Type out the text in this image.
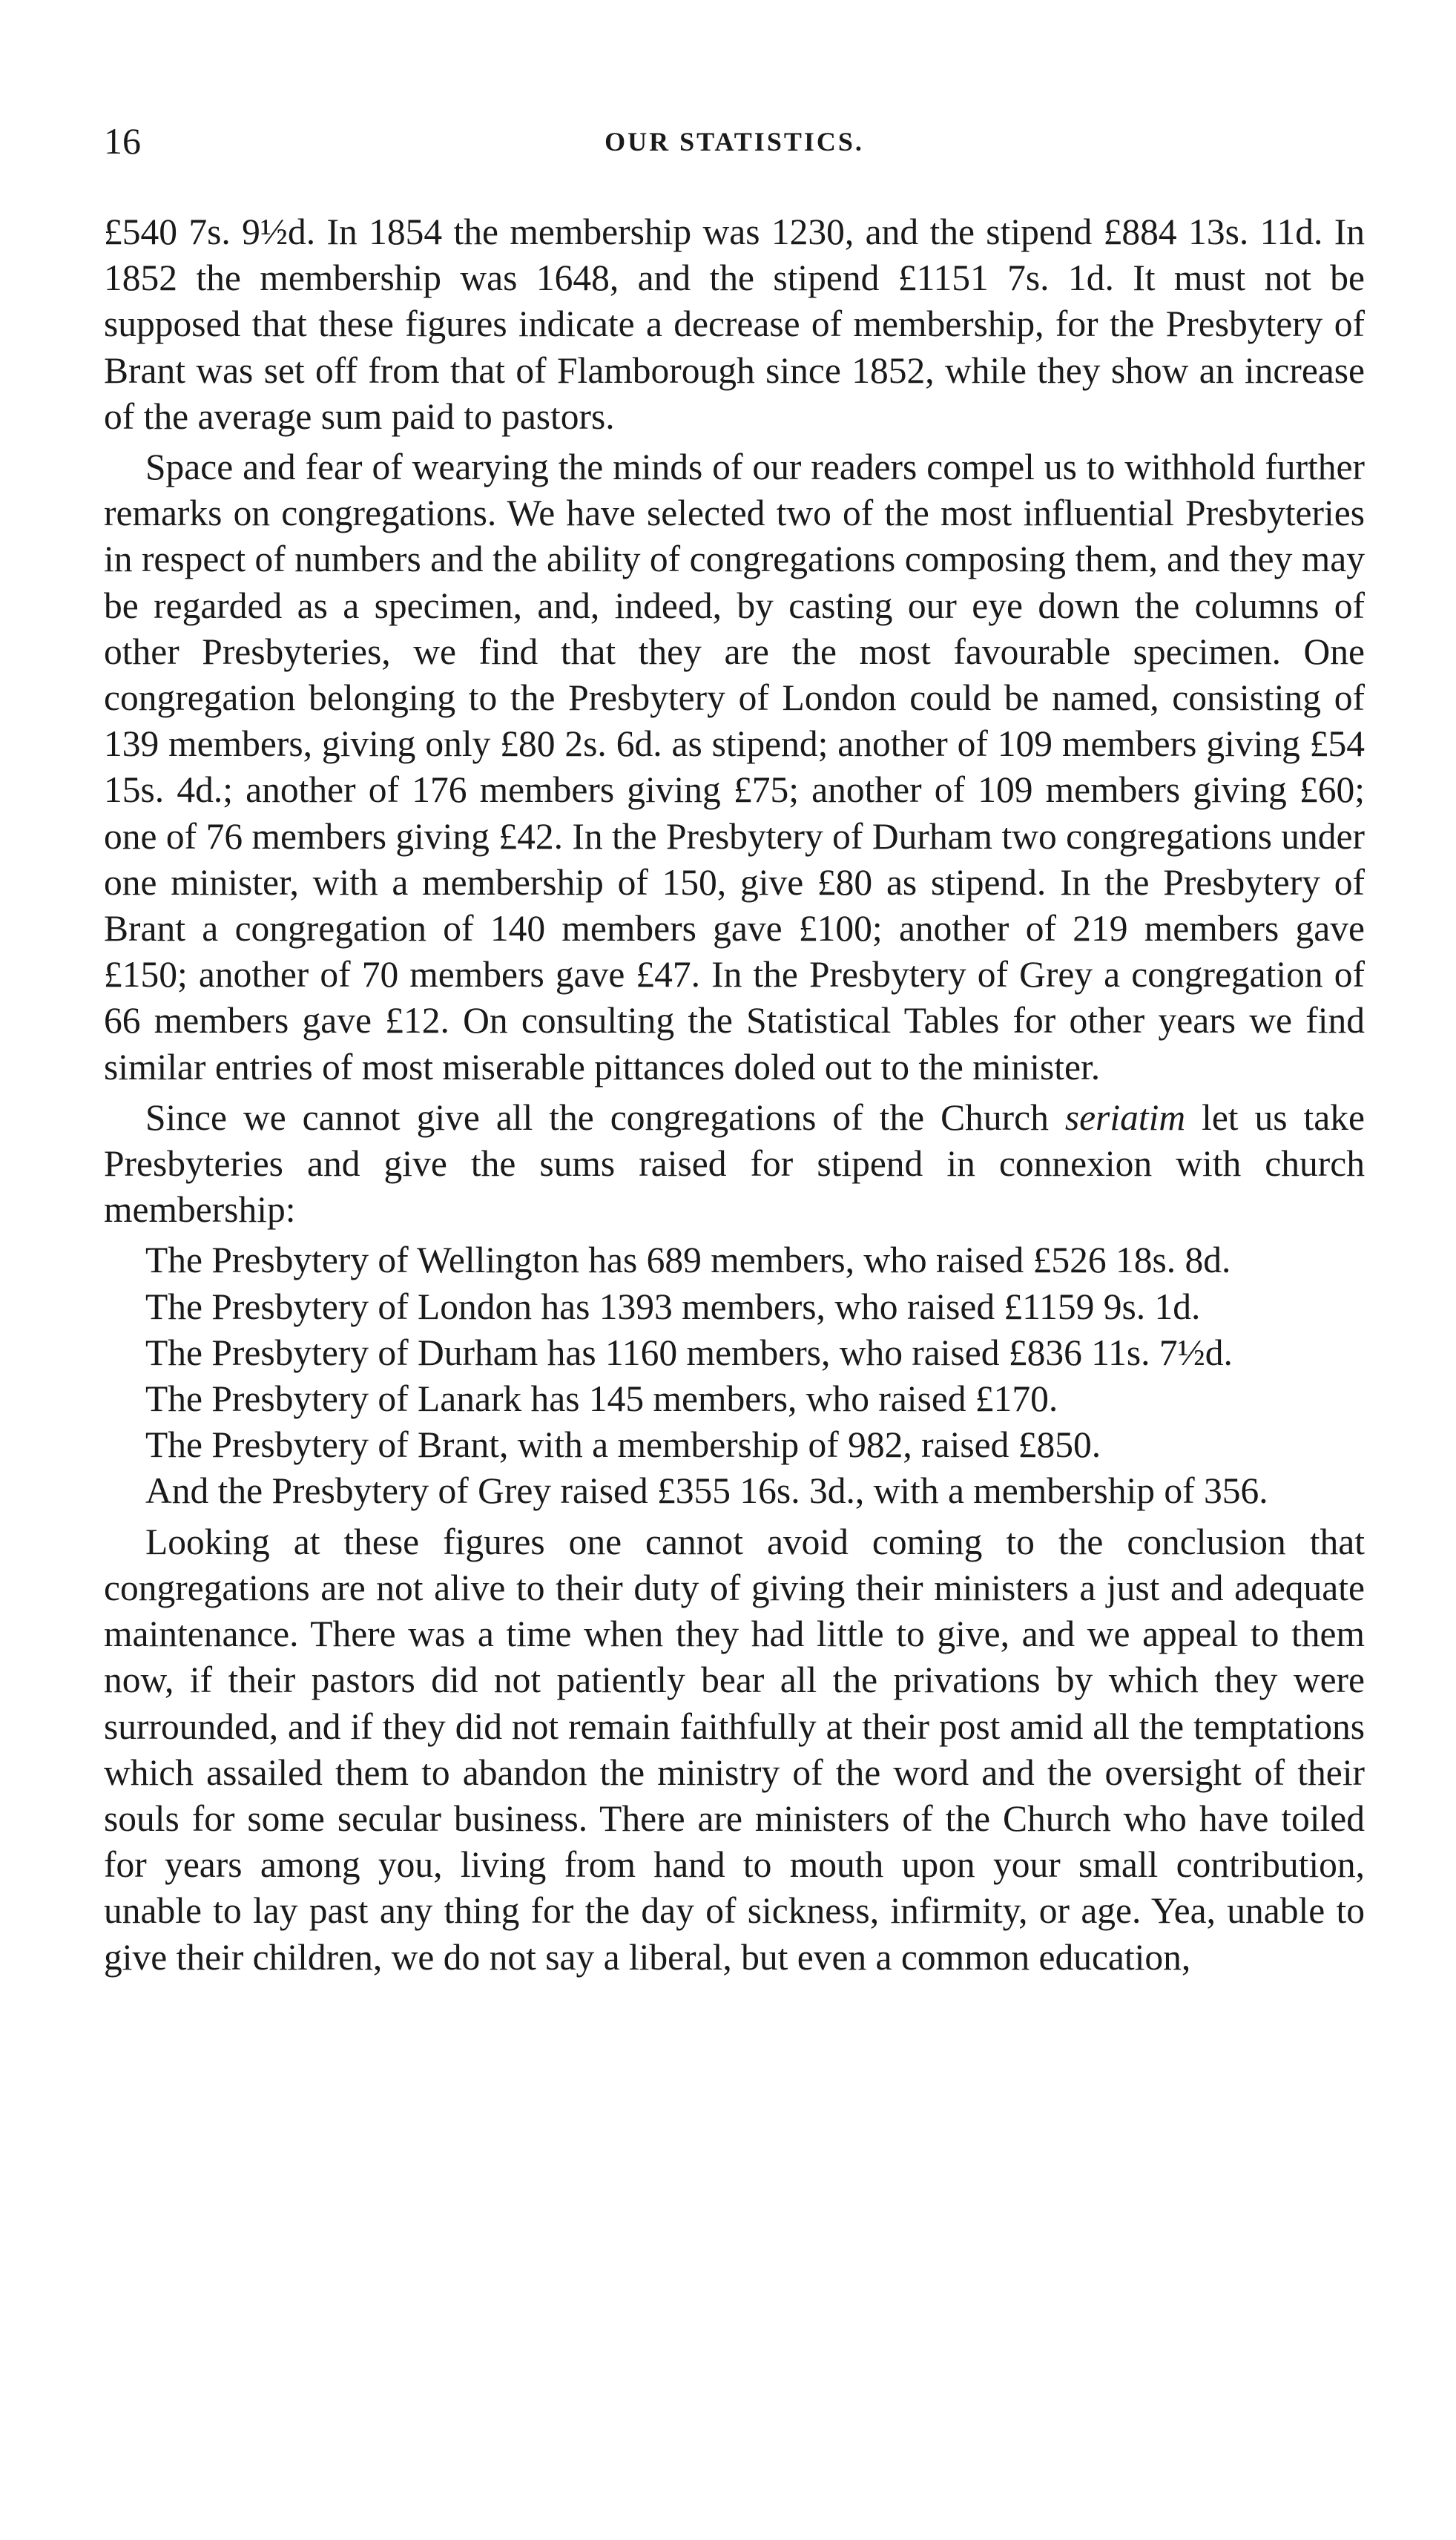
16	OUR STATISTICS.

£540 7s. 9½d. In 1854 the membership was 1230, and the stipend £884 13s. 11d. In 1852 the membership was 1648, and the stipend £1151 7s. 1d. It must not be supposed that these figures indicate a decrease of membership, for the Presbytery of Brant was set off from that of Flamborough since 1852, while they show an increase of the average sum paid to pastors.

Space and fear of wearying the minds of our readers compel us to withhold further remarks on congregations. We have selected two of the most influential Presbyteries in respect of numbers and the ability of congregations composing them, and they may be regarded as a specimen, and, indeed, by casting our eye down the columns of other Presbyteries, we find that they are the most favourable specimen. One congregation belonging to the Presbytery of London could be named, consisting of 139 members, giving only £80 2s. 6d. as stipend; another of 109 members giving £54 15s. 4d.; another of 176 members giving £75; another of 109 members giving £60; one of 76 members giving £42. In the Presbytery of Durham two congregations under one minister, with a membership of 150, give £80 as stipend. In the Presbytery of Brant a congregation of 140 members gave £100; another of 219 members gave £150; another of 70 members gave £47. In the Presbytery of Grey a congregation of 66 members gave £12. On consulting the Statistical Tables for other years we find similar entries of most miserable pittances doled out to the minister.

Since we cannot give all the congregations of the Church seriatim let us take Presbyteries and give the sums raised for stipend in connexion with church membership:

The Presbytery of Wellington has 689 members, who raised £526 18s. 8d.

The Presbytery of London has 1393 members, who raised £1159 9s. 1d.

The Presbytery of Durham has 1160 members, who raised £836 11s. 7½d.

The Presbytery of Lanark has 145 members, who raised £170.

The Presbytery of Brant, with a membership of 982, raised £850.

And the Presbytery of Grey raised £355 16s. 3d., with a membership of 356.

Looking at these figures one cannot avoid coming to the conclusion that congregations are not alive to their duty of giving their ministers a just and adequate maintenance. There was a time when they had little to give, and we appeal to them now, if their pastors did not patiently bear all the privations by which they were surrounded, and if they did not remain faithfully at their post amid all the temptations which assailed them to abandon the ministry of the word and the oversight of their souls for some secular business. There are ministers of the Church who have toiled for years among you, living from hand to mouth upon your small contribution, unable to lay past any thing for the day of sickness, infirmity, or age. Yea, unable to give their children, we do not say a liberal, but even a common education,
